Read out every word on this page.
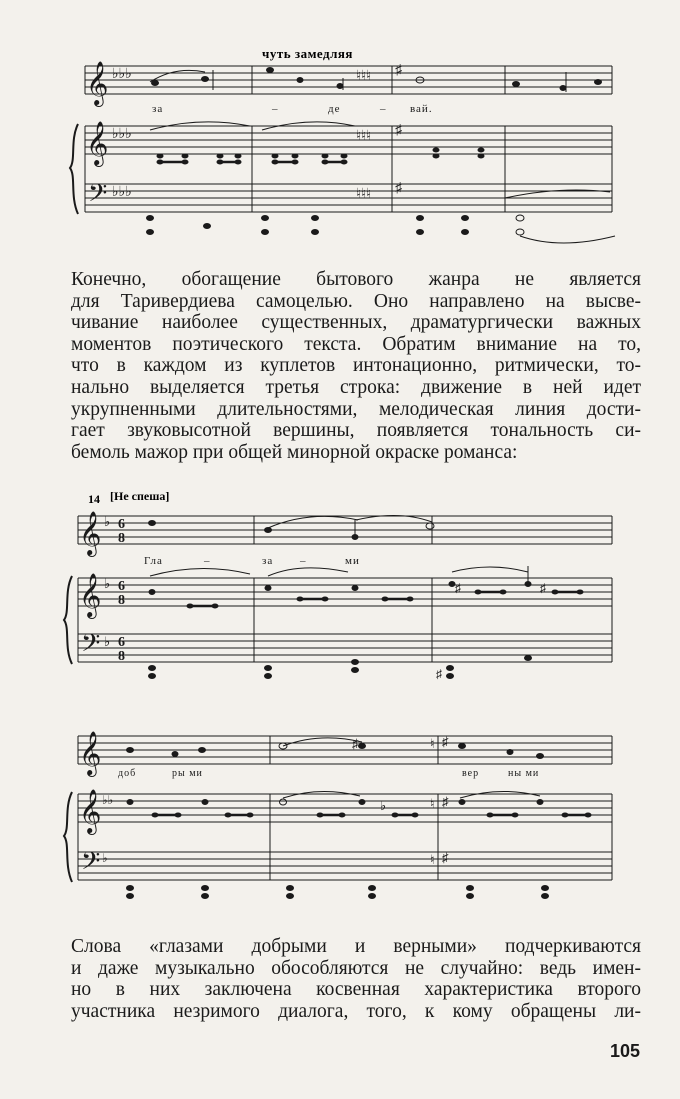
чуть замедляя
𝄞
𝄞
𝄢
♭♭♭
♭♭♭
♭♭♭
♮♮♮ ♯
♮♮♮ ♯
♮♮♮ ♯
за	–	де	– вай.
Конечно, обогащение бытового жанра не является
для Таривердиева самоцелью. Оно направлено на высве-
чивание наиболее существенных, драматургически важных
моментов поэтического текста. Обратим внимание на то,
что в каждом из куплетов интонационно, ритмически, то-
нально выделяется третья строка: движение в ней идет
укрупненными длительностями, мелодическая линия дости-
гает звуковысотной вершины, появляется тональность си-
бемоль мажор при общей минорной окраске романса:
14 [Не спеша]
𝄞
𝄞
𝄢
♭
♭
♭
6
8
6
8
6
8
♯	♯
♯
Гла	–	за –	ми
𝄞
𝄞
𝄢
♭♭
♭
♯	♮ ♯
♭	♮ ♯
♮ ♯
доб	ры ми	вер	ны ми
Слова «глазами добрыми и верными» подчеркиваются
и даже музыкально обособляются не случайно: ведь имен-
но в них заключена косвенная характеристика второго
участника незримого диалога, того, к кому обращены ли-
105
